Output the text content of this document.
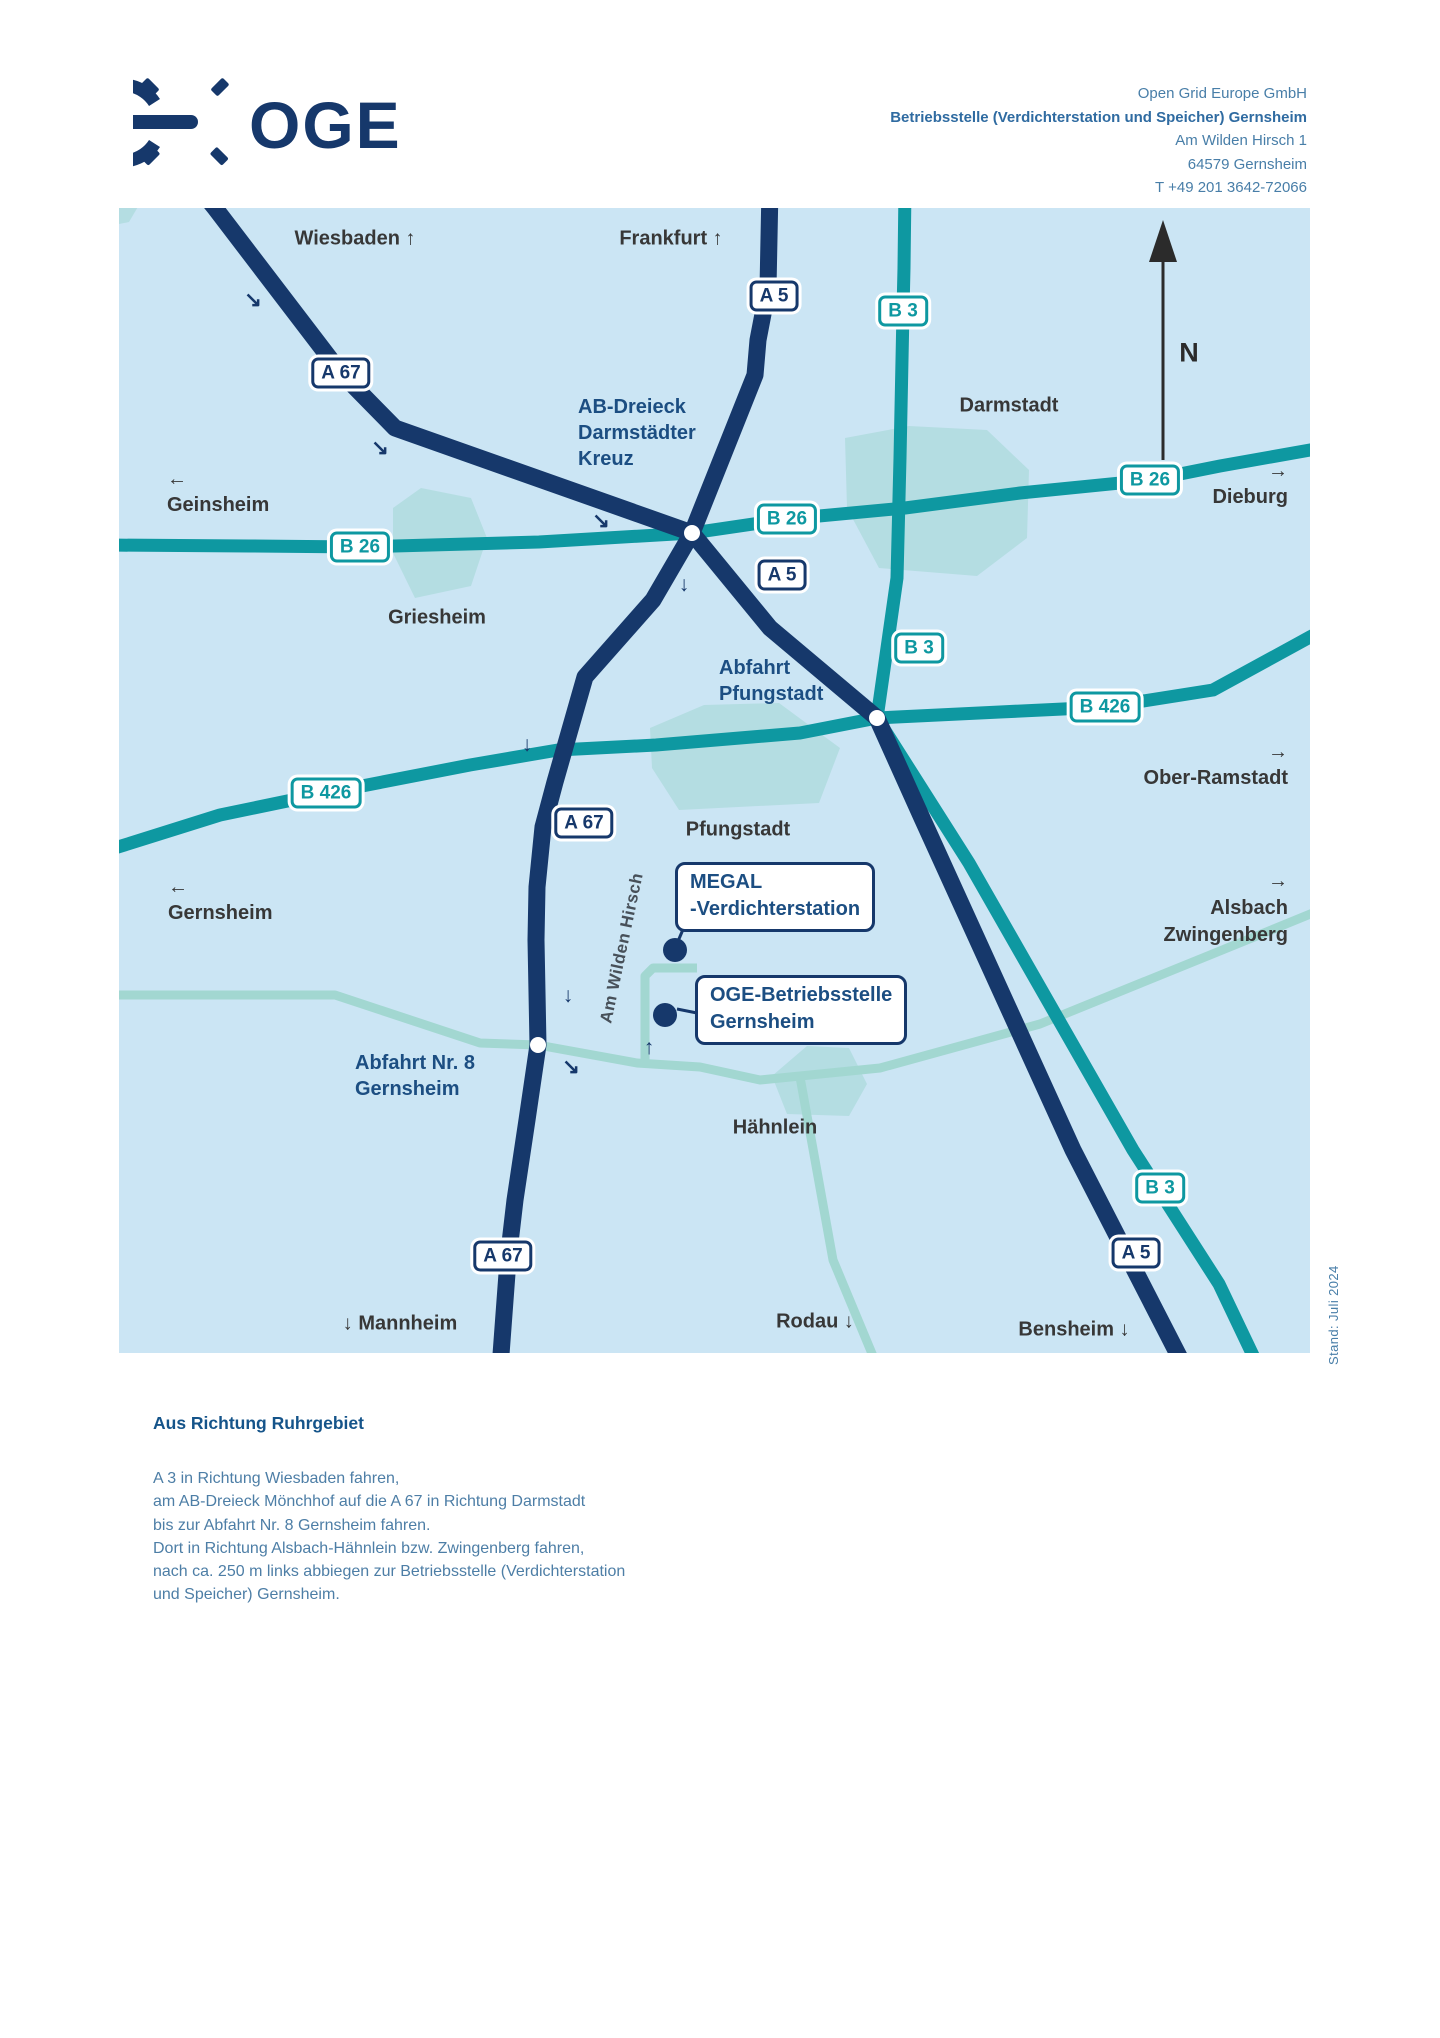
OGE	Open Grid Europe GmbH
Betriebsstelle (Verdichterstation und Speicher) Gernsheim
Am Wilden Hirsch 1
64579 Gernsheim
T +49 201 3642-72066
Wiesbaden ↑	Frankfurt ↑
←
Geinsheim
→
Dieburg
Darmstadt
Griesheim
→
Ober-Ramstadt
Pfungstadt
←
Gernsheim
→
Alsbach
Zwingenberg
Hähnlein
↓ Mannheim	Rodau ↓	Bensheim ↓
AB-Dreieck
Darmstädter
Kreuz
Abfahrt
Pfungstadt
Abfahrt Nr. 8
Gernsheim
Am Wilden Hirsch
N
MEGAL
-Verdichterstation
OGE-Betriebsstelle
Gernsheim
A 67
A 5
B 3
B 26
B 26
B 26
A 5
B 3
B 426
B 426
A 67
A 67
B 3
A 5
↘
↘
↘
↓
↓
↓
↘
↑
Stand: Juli 2024
Aus Richtung Ruhrgebiet

A 3 in Richtung Wiesbaden fahren,
am AB-Dreieck Mönchhof auf die A 67 in Richtung Darmstadt
bis zur Abfahrt Nr. 8 Gernsheim fahren.
Dort in Richtung Alsbach-Hähnlein bzw. Zwingenberg fahren,
nach ca. 250 m links abbiegen zur Betriebsstelle (Verdichterstation
und Speicher) Gernsheim.
